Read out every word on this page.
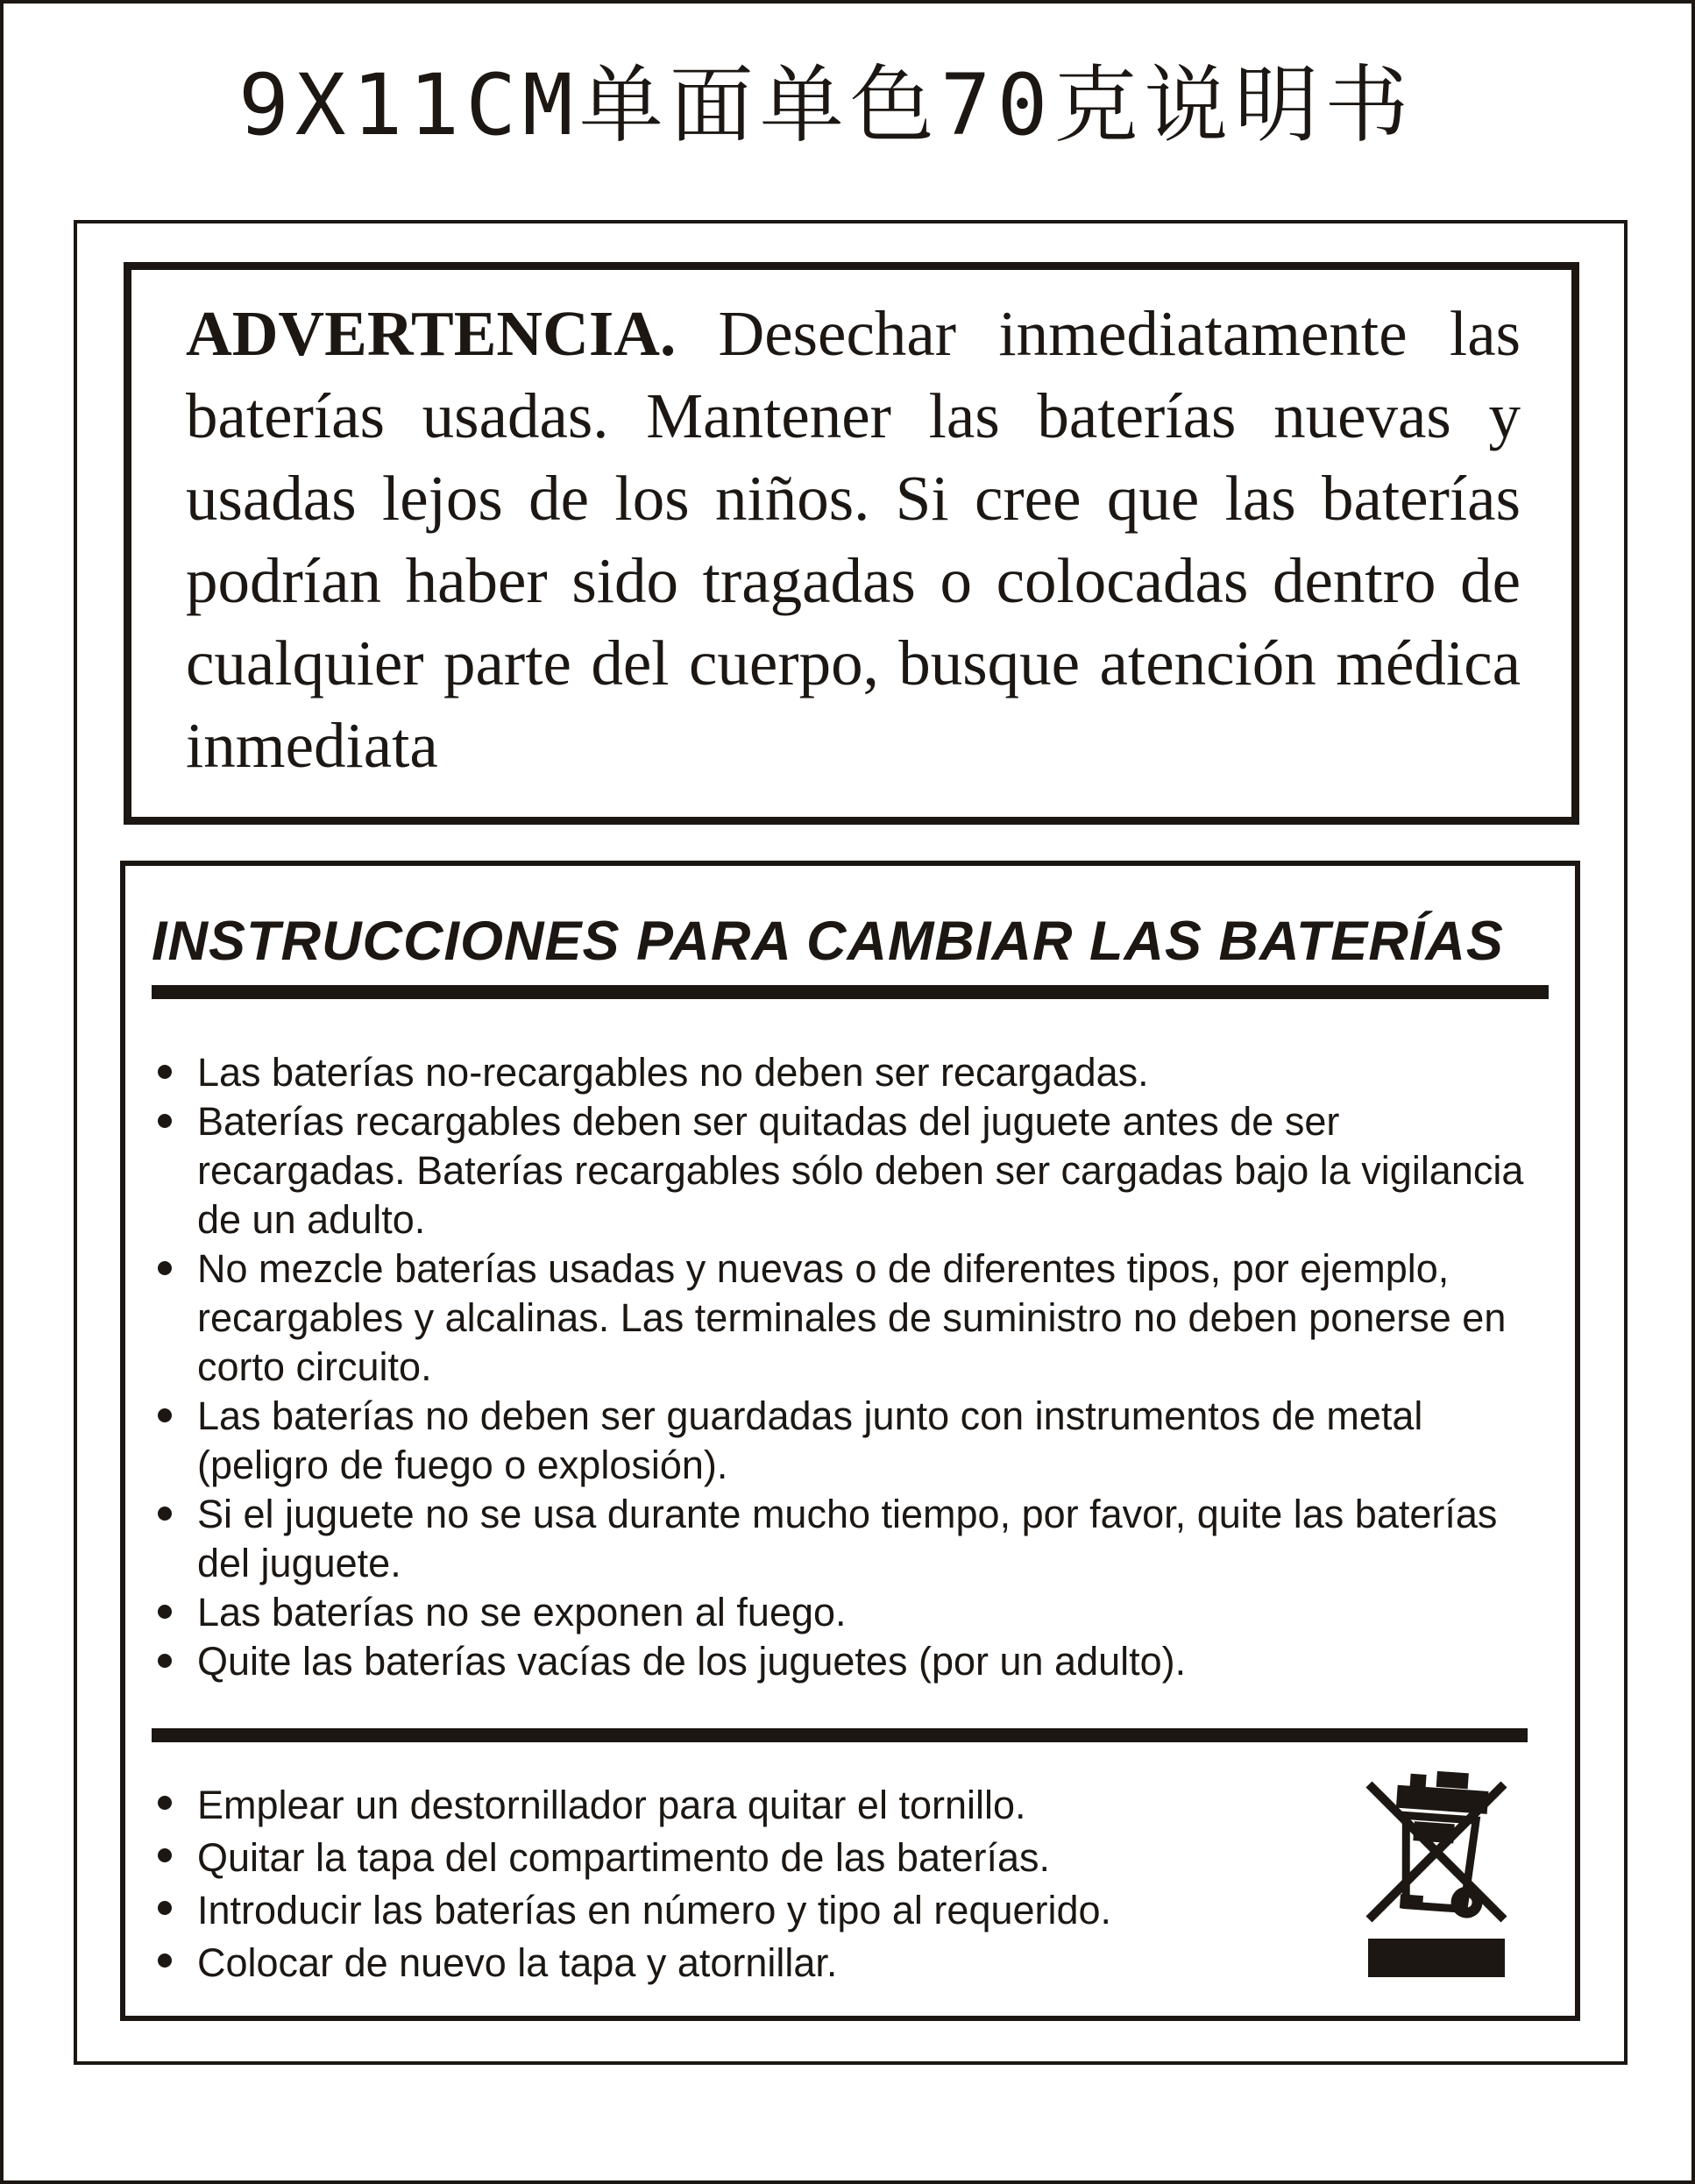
9X11CM单面单色70克说明书
ADVERTENCIA. Desechar inmediatamente las baterías usadas. Mantener las baterías nuevas y usadas lejos de los niños. Si cree que las baterías podrían haber sido tragadas o colocadas dentro de cualquier parte del cuerpo, busque atención médica inmediata
INSTRUCCIONES PARA CAMBIAR LAS BATERÍAS
Las baterías no-recargables no deben ser recargadas.
Baterías recargables deben ser quitadas del juguete antes de ser recargadas. Baterías recargables sólo deben ser cargadas bajo la vigilancia de un adulto.
No mezcle baterías usadas y nuevas o de diferentes tipos, por ejemplo, recargables y alcalinas. Las terminales de suministro no deben ponerse en corto circuito.
Las baterías no deben ser guardadas junto con instrumentos de metal (peligro de fuego o explosión).
Si el juguete no se usa durante mucho tiempo, por favor, quite las baterías del juguete.
Las baterías no se exponen al fuego.
Quite las baterías vacías de los juguetes (por un adulto).
Emplear un destornillador para quitar el tornillo.
Quitar la tapa del compartimento de las baterías.
Introducir las baterías en número y tipo al requerido.
Colocar de nuevo la tapa y atornillar.
